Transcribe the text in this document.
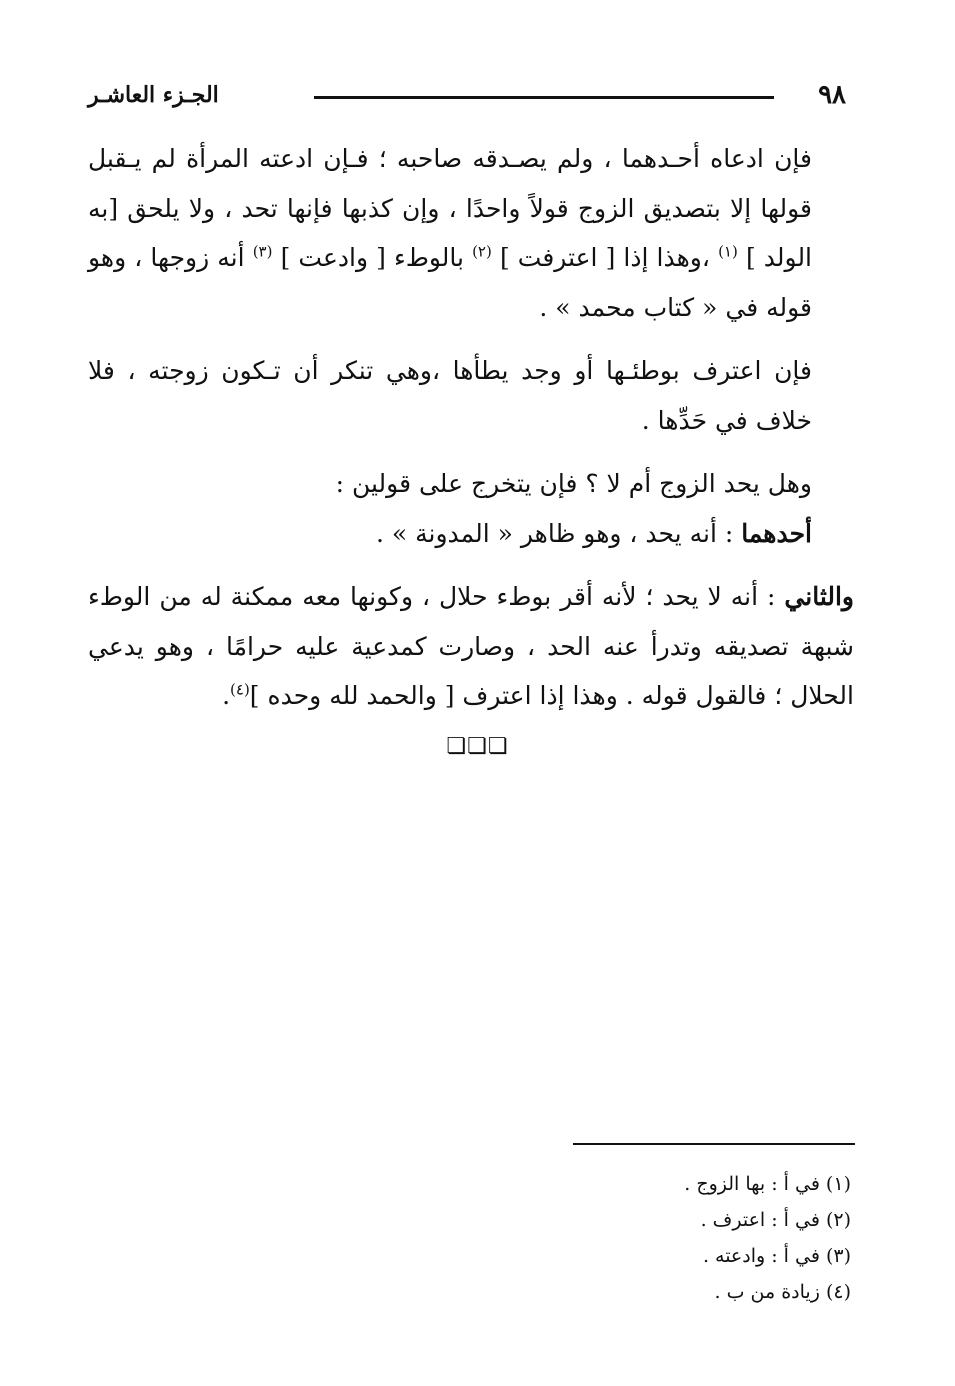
٩٨
الجـزء العاشـر

فإن ادعاه أحـدهما ، ولم يصـدقه صاحبه ؛ فـإن ادعته المرأة لم يـقبل قولها إلا بتصديق الزوج قولاً واحدًا ، وإن كذبها فإنها تحد ، ولا يلحق [به الولد ] $^{(١)}$ ،وهذا إذا [ اعترفت ] $^{(٢)}$ بالوطء [ وادعت ] $^{(٣)}$ أنه زوجها ، وهو قوله في « كتاب محمد » .

فإن اعترف بوطئـها أو وجد يطأها ،وهي تنكر أن تـكون زوجته ، فلا خلاف في حَدِّها .

وهل يحد الزوج أم لا ؟ فإن يتخرج على قولين :

أحدهما : أنه يحد ، وهو ظاهر « المدونة » .

والثاني : أنه لا يحد ؛ لأنه أقر بوطء حلال ، وكونها معه ممكنة له من الوطء شبهة تصديقه وتدرأ عنه الحد ، وصارت كمدعية عليه حرامًا ، وهو يدعي الحلال ؛ فالقول قوله . وهذا إذا اعترف [ والحمد لله وحده ]$^{(٤)}$.

❏❏❏

(١) في أ : بها الزوج .

(٢) في أ : اعترف .

(٣) في أ : وادعته .

(٤) زيادة من ب .
